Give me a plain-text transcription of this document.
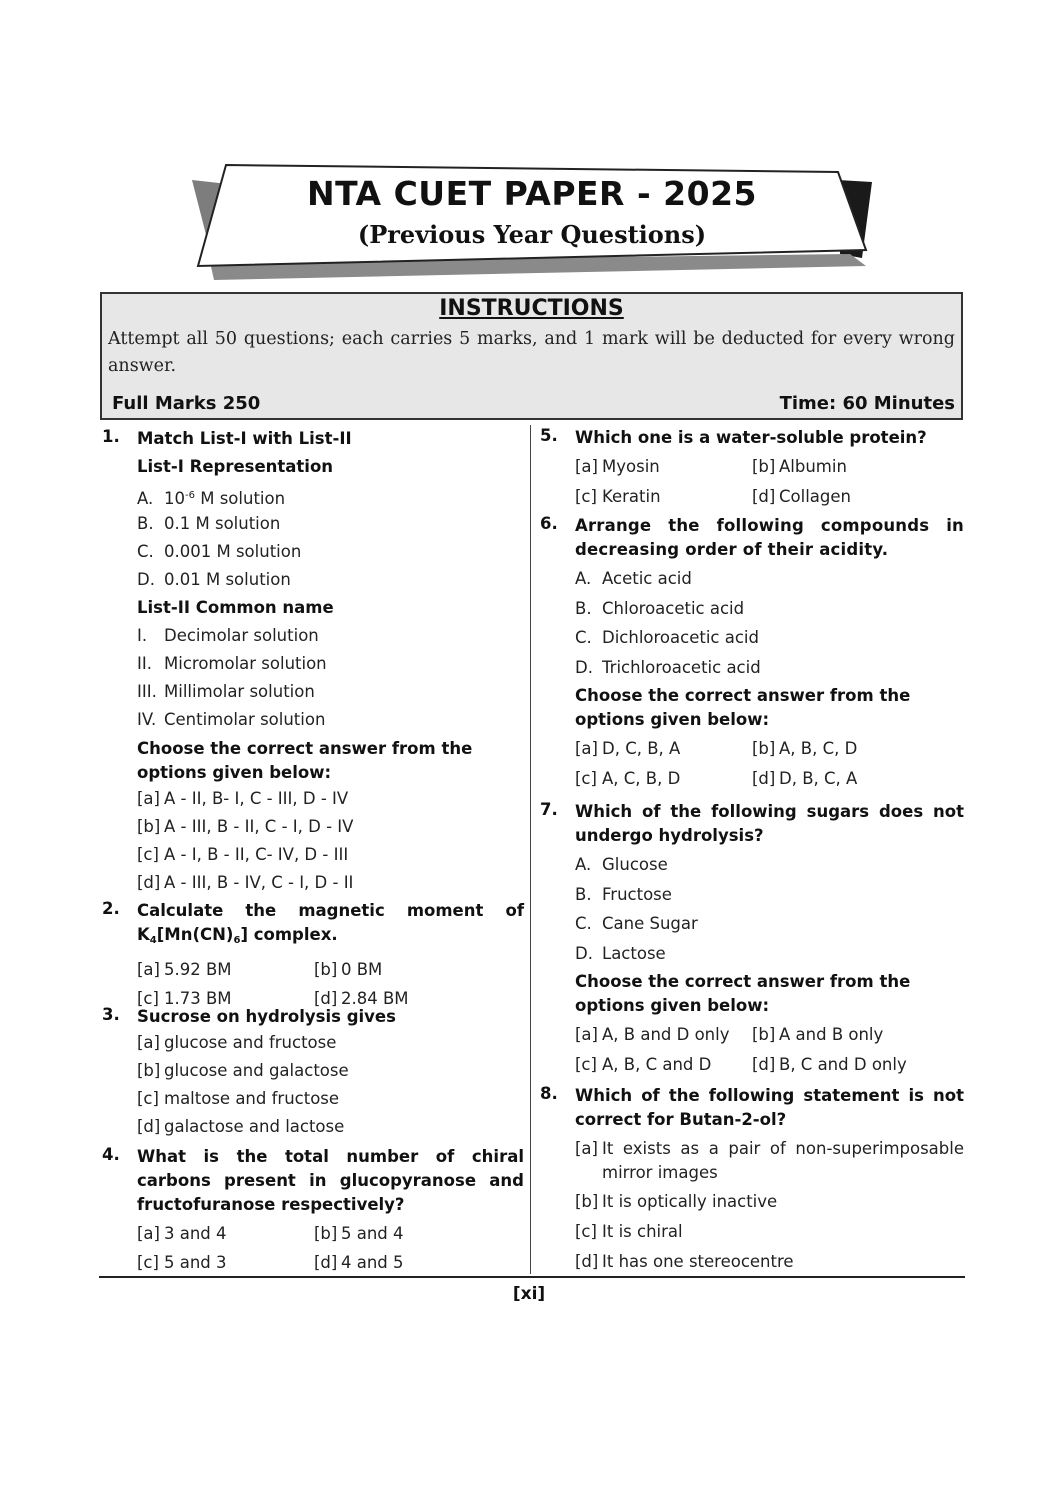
NTA CUET PAPER - 2025
(Previous Year Questions)
INSTRUCTIONS
Attempt all 50 questions; each carries 5 marks, and 1 mark will be deducted for every wrong answer.
Full Marks 250	Time: 60 Minutes
1. Match List-I with List-II
List-I Representation
A. $10^{-6}$ M solution
B. 0.1 M solution
C. 0.001 M solution
D. 0.01 M solution
List-II Common name
I. Decimolar solution
II. Micromolar solution
III. Millimolar solution
IV. Centimolar solution
Choose the correct answer from the options given below:
[a] A - II, B- I, C - III, D - IV
[b] A - III, B - II, C - I, D - IV
[c] A - I, B - II, C- IV, D - III
[d] A - III, B - IV, C - I, D - II
2. Calculate the magnetic moment of
$K_4[Mn(CN)_6]$ complex.
[a] 5.92 BM	[b] 0 BM
[c] 1.73 BM	[d] 2.84 BM
3. Sucrose on hydrolysis gives
[a] glucose and fructose
[b] glucose and galactose
[c] maltose and fructose
[d] galactose and lactose
4. What is the total number of chiral carbons present in glucopyranose and fructofuranose respectively?
[a] 3 and 4	[b] 5 and 4
[c] 5 and 3	[d] 4 and 5
5. Which one is a water-soluble protein?
[a] Myosin	[b] Albumin
[c] Keratin	[d] Collagen
6. Arrange the following compounds in decreasing order of their acidity.
A. Acetic acid
B. Chloroacetic acid
C. Dichloroacetic acid
D. Trichloroacetic acid
Choose the correct answer from the options given below:
[a] D, C, B, A	[b] A, B, C, D
[c] A, C, B, D	[d] D, B, C, A
7. Which of the following sugars does not undergo hydrolysis?
A. Glucose
B. Fructose
C. Cane Sugar
D. Lactose
Choose the correct answer from the options given below:
[a] A, B and D only [b] A and B only
[c] A, B, C and D [d] B, C and D only
8. Which of the following statement is not correct for Butan-2-ol?
[a] It exists as a pair of non-superimposable mirror images
[b] It is optically inactive
[c] It is chiral
[d] It has one stereocentre
[xi]
